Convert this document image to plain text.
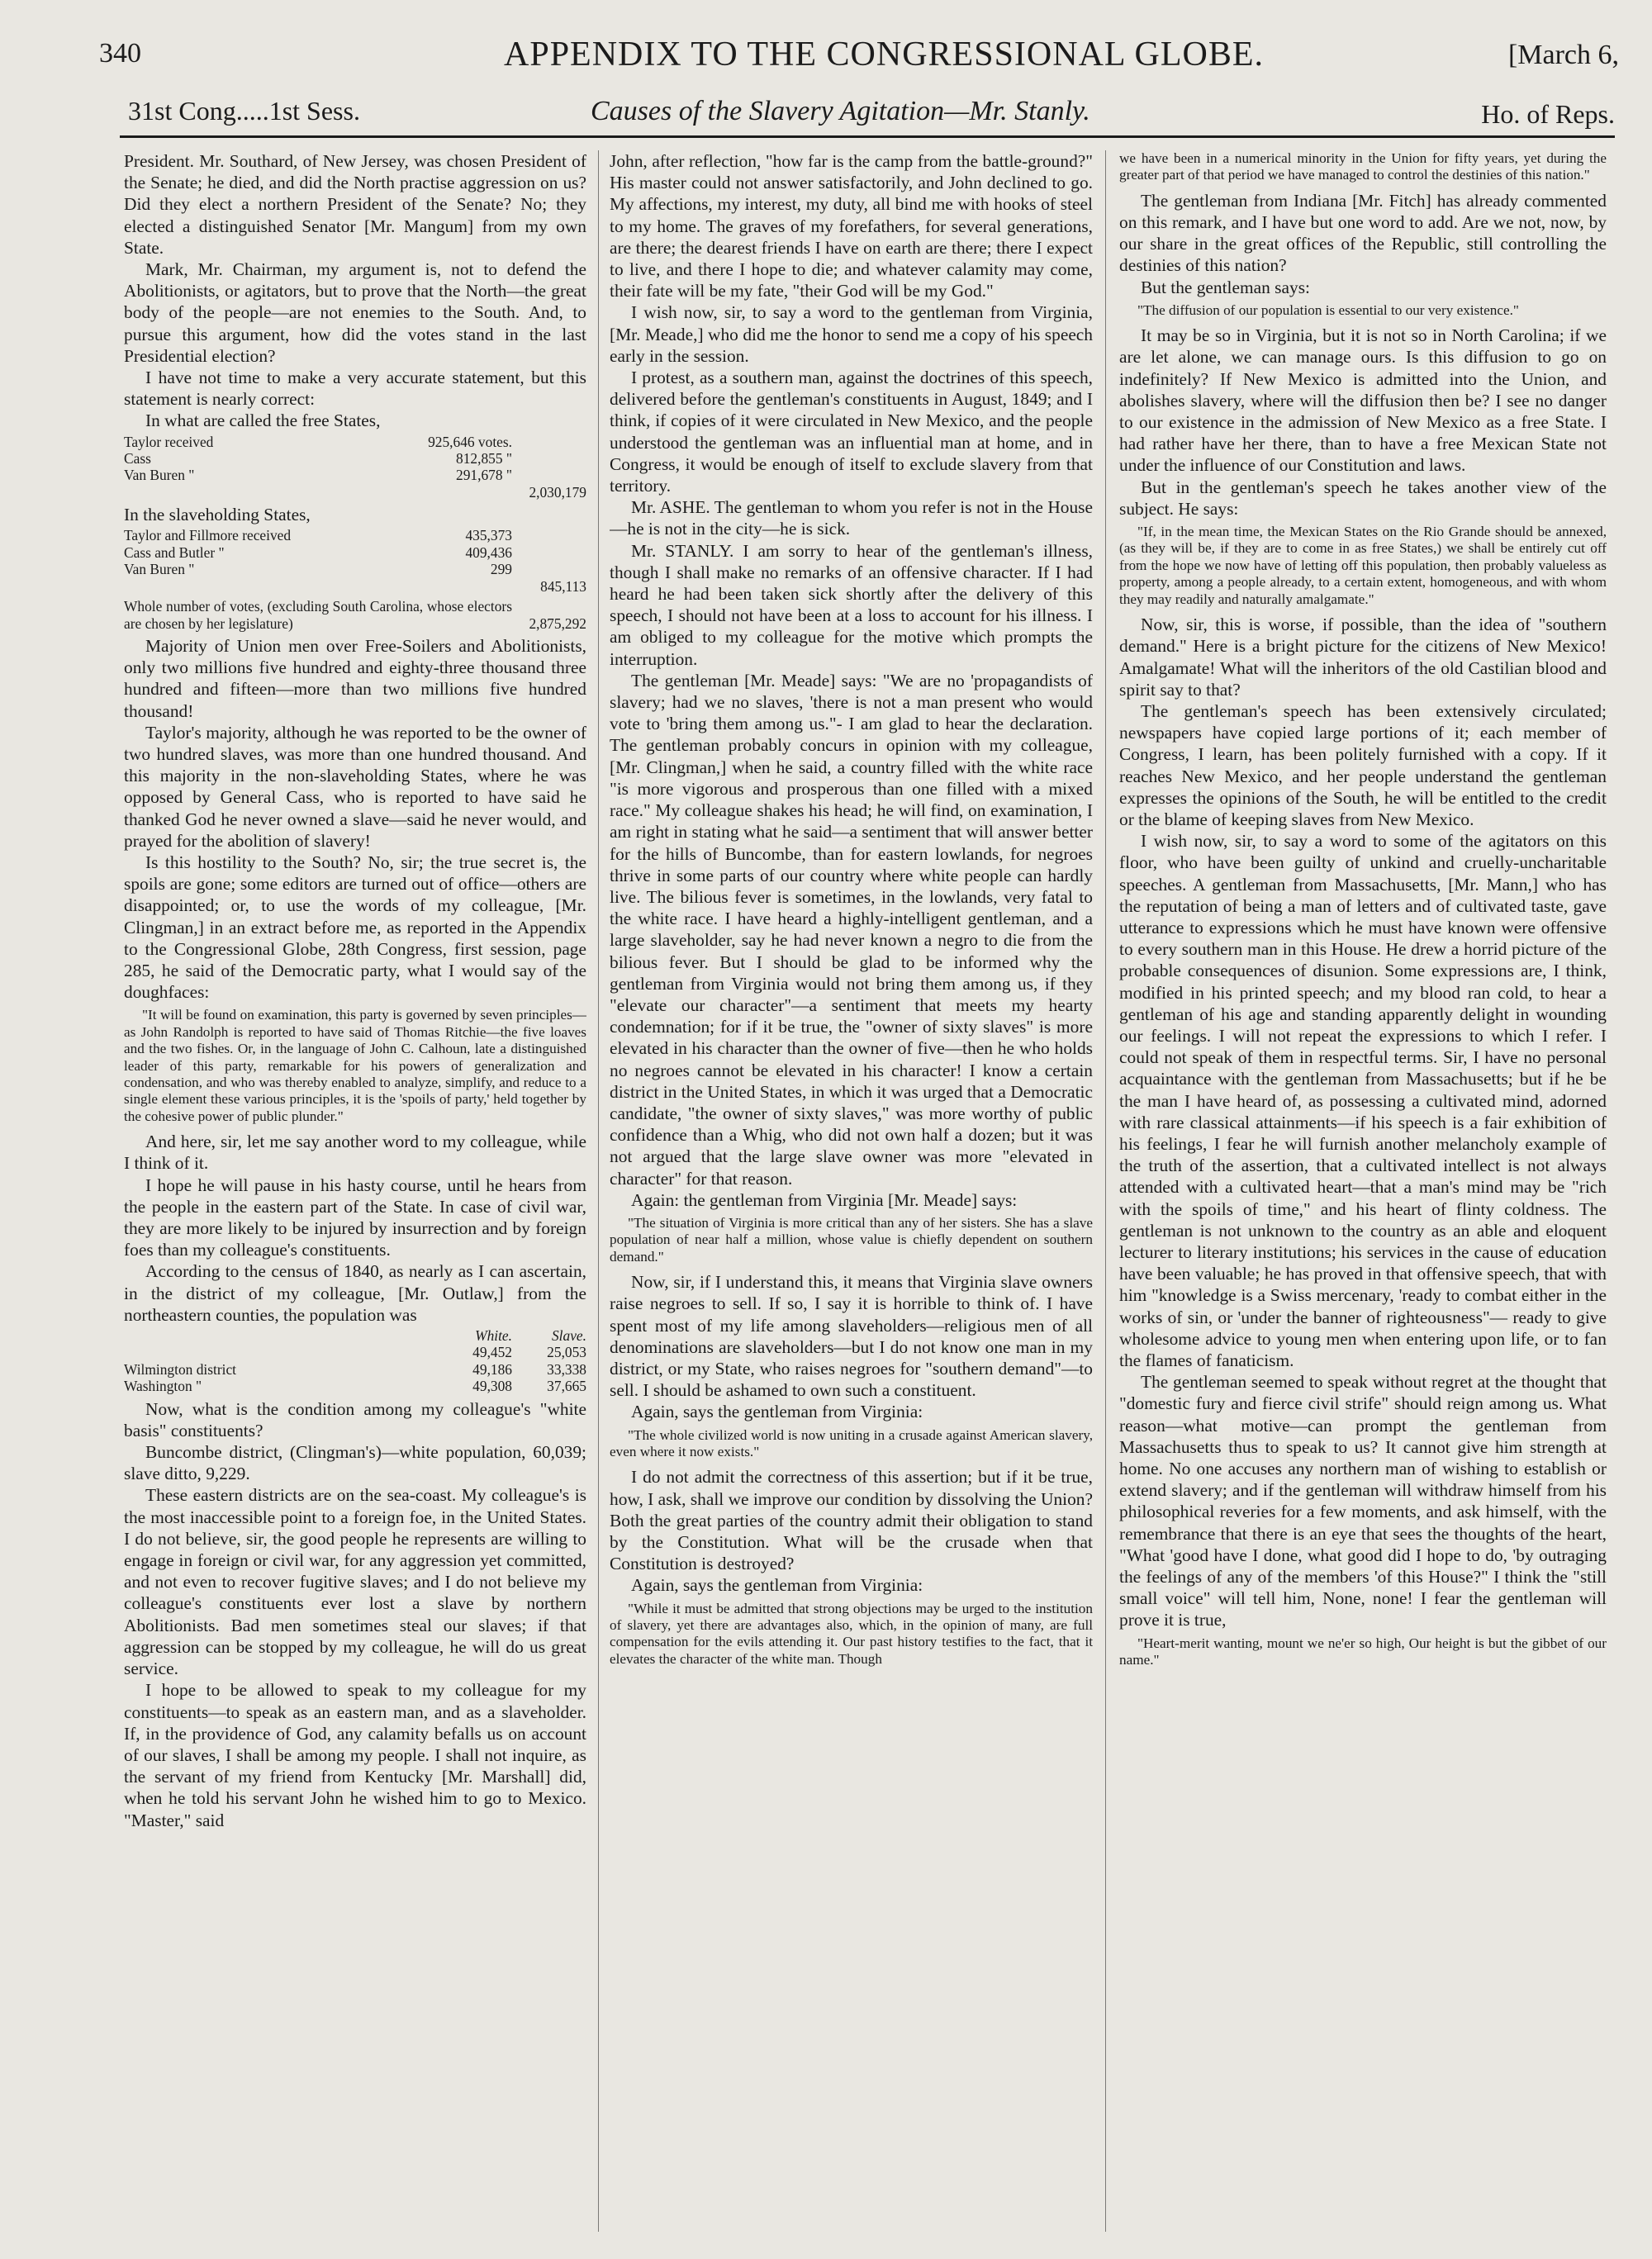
340	APPENDIX TO THE CONGRESSIONAL GLOBE.	[March 6,
31st Cong.....1st Sess.	Causes of the Slavery Agitation—Mr. Stanly.	Ho. of Reps.

President. Mr. Southard, of New Jersey, was chosen President of the Senate; he died, and did the North practise aggression on us? Did they elect a northern President of the Senate? No; they elected a distinguished Senator [Mr. Mangum] from my own State.

Mark, Mr. Chairman, my argument is, not to defend the Abolitionists, or agitators, but to prove that the North—the great body of the people—are not enemies to the South. And, to pursue this argument, how did the votes stand in the last Presidential election?

I have not time to make a very accurate statement, but this statement is nearly correct:

In what are called the free States,

Taylor received	925,646 votes.	
Cass	812,855 "	
Van Buren "	291,678 "	
		2,030,179

In the slaveholding States,

Taylor and Fillmore received	435,373	
Cass and Butler "	409,436	
Van Buren "	299	
		845,113
Whole number of votes, (excluding South Carolina, whose electors are chosen by her legislature)	2,875,292

Majority of Union men over Free-Soilers and Abolitionists, only two millions five hundred and eighty-three thousand three hundred and fifteen—more than two millions five hundred thousand!

Taylor's majority, although he was reported to be the owner of two hundred slaves, was more than one hundred thousand. And this majority in the non-slaveholding States, where he was opposed by General Cass, who is reported to have said he thanked God he never owned a slave—said he never would, and prayed for the abolition of slavery!

Is this hostility to the South? No, sir; the true secret is, the spoils are gone; some editors are turned out of office—others are disappointed; or, to use the words of my colleague, [Mr. Clingman,] in an extract before me, as reported in the Appendix to the Congressional Globe, 28th Congress, first session, page 285, he said of the Democratic party, what I would say of the doughfaces:

"It will be found on examination, this party is governed by seven principles—as John Randolph is reported to have said of Thomas Ritchie—the five loaves and the two fishes. Or, in the language of John C. Calhoun, late a distinguished leader of this party, remarkable for his powers of generalization and condensation, and who was thereby enabled to analyze, simplify, and reduce to a single element these various principles, it is the 'spoils of party,' held together by the cohesive power of public plunder."

And here, sir, let me say another word to my colleague, while I think of it.

I hope he will pause in his hasty course, until he hears from the people in the eastern part of the State. In case of civil war, they are more likely to be injured by insurrection and by foreign foes than my colleague's constituents.

According to the census of 1840, as nearly as I can ascertain, in the district of my colleague, [Mr. Outlaw,] from the northeastern counties, the population was

	White.	Slave.
	49,452	25,053
Wilmington district	49,186	33,338
Washington "	49,308	37,665

Now, what is the condition among my colleague's "white basis" constituents?

Buncombe district, (Clingman's)—white population, 60,039; slave ditto, 9,229.

These eastern districts are on the sea-coast. My colleague's is the most inaccessible point to a foreign foe, in the United States. I do not believe, sir, the good people he represents are willing to engage in foreign or civil war, for any aggression yet committed, and not even to recover fugitive slaves; and I do not believe my colleague's constituents ever lost a slave by northern Abolitionists. Bad men sometimes steal our slaves; if that aggression can be stopped by my colleague, he will do us great service.

I hope to be allowed to speak to my colleague for my constituents—to speak as an eastern man, and as a slaveholder. If, in the providence of God, any calamity befalls us on account of our slaves, I shall be among my people. I shall not inquire, as the servant of my friend from Kentucky [Mr. Marshall] did, when he told his servant John he wished him to go to Mexico. "Master," said

John, after reflection, "how far is the camp from the battle-ground?" His master could not answer satisfactorily, and John declined to go. My affections, my interest, my duty, all bind me with hooks of steel to my home. The graves of my forefathers, for several generations, are there; the dearest friends I have on earth are there; there I expect to live, and there I hope to die; and whatever calamity may come, their fate will be my fate, "their God will be my God."

I wish now, sir, to say a word to the gentleman from Virginia, [Mr. Meade,] who did me the honor to send me a copy of his speech early in the session.

I protest, as a southern man, against the doctrines of this speech, delivered before the gentleman's constituents in August, 1849; and I think, if copies of it were circulated in New Mexico, and the people understood the gentleman was an influential man at home, and in Congress, it would be enough of itself to exclude slavery from that territory.

Mr. ASHE. The gentleman to whom you refer is not in the House—he is not in the city—he is sick.

Mr. STANLY. I am sorry to hear of the gentleman's illness, though I shall make no remarks of an offensive character. If I had heard he had been taken sick shortly after the delivery of this speech, I should not have been at a loss to account for his illness. I am obliged to my colleague for the motive which prompts the interruption.

The gentleman [Mr. Meade] says: "We are no 'propagandists of slavery; had we no slaves, 'there is not a man present who would vote to 'bring them among us."- I am glad to hear the declaration. The gentleman probably concurs in opinion with my colleague, [Mr. Clingman,] when he said, a country filled with the white race "is more vigorous and prosperous than one filled with a mixed race." My colleague shakes his head; he will find, on examination, I am right in stating what he said—a sentiment that will answer better for the hills of Buncombe, than for eastern lowlands, for negroes thrive in some parts of our country where white people can hardly live. The bilious fever is sometimes, in the lowlands, very fatal to the white race. I have heard a highly-intelligent gentleman, and a large slaveholder, say he had never known a negro to die from the bilious fever. But I should be glad to be informed why the gentleman from Virginia would not bring them among us, if they "elevate our character"—a sentiment that meets my hearty condemnation; for if it be true, the "owner of sixty slaves" is more elevated in his character than the owner of five—then he who holds no negroes cannot be elevated in his character! I know a certain district in the United States, in which it was urged that a Democratic candidate, "the owner of sixty slaves," was more worthy of public confidence than a Whig, who did not own half a dozen; but it was not argued that the large slave owner was more "elevated in character" for that reason.

Again: the gentleman from Virginia [Mr. Meade] says:

"The situation of Virginia is more critical than any of her sisters. She has a slave population of near half a million, whose value is chiefly dependent on southern demand."

Now, sir, if I understand this, it means that Virginia slave owners raise negroes to sell. If so, I say it is horrible to think of. I have spent most of my life among slaveholders—religious men of all denominations are slaveholders—but I do not know one man in my district, or my State, who raises negroes for "southern demand"—to sell. I should be ashamed to own such a constituent.

Again, says the gentleman from Virginia:

"The whole civilized world is now uniting in a crusade against American slavery, even where it now exists."

I do not admit the correctness of this assertion; but if it be true, how, I ask, shall we improve our condition by dissolving the Union? Both the great parties of the country admit their obligation to stand by the Constitution. What will be the crusade when that Constitution is destroyed?

Again, says the gentleman from Virginia:

"While it must be admitted that strong objections may be urged to the institution of slavery, yet there are advantages also, which, in the opinion of many, are full compensation for the evils attending it. Our past history testifies to the fact, that it elevates the character of the white man. Though

we have been in a numerical minority in the Union for fifty years, yet during the greater part of that period we have managed to control the destinies of this nation."

The gentleman from Indiana [Mr. Fitch] has already commented on this remark, and I have but one word to add. Are we not, now, by our share in the great offices of the Republic, still controlling the destinies of this nation?

But the gentleman says:

"The diffusion of our population is essential to our very existence."

It may be so in Virginia, but it is not so in North Carolina; if we are let alone, we can manage ours. Is this diffusion to go on indefinitely? If New Mexico is admitted into the Union, and abolishes slavery, where will the diffusion then be? I see no danger to our existence in the admission of New Mexico as a free State. I had rather have her there, than to have a free Mexican State not under the influence of our Constitution and laws.

But in the gentleman's speech he takes another view of the subject. He says:

"If, in the mean time, the Mexican States on the Rio Grande should be annexed, (as they will be, if they are to come in as free States,) we shall be entirely cut off from the hope we now have of letting off this population, then probably valueless as property, among a people already, to a certain extent, homogeneous, and with whom they may readily and naturally amalgamate."

Now, sir, this is worse, if possible, than the idea of "southern demand." Here is a bright picture for the citizens of New Mexico! Amalgamate! What will the inheritors of the old Castilian blood and spirit say to that?

The gentleman's speech has been extensively circulated; newspapers have copied large portions of it; each member of Congress, I learn, has been politely furnished with a copy. If it reaches New Mexico, and her people understand the gentleman expresses the opinions of the South, he will be entitled to the credit or the blame of keeping slaves from New Mexico.

I wish now, sir, to say a word to some of the agitators on this floor, who have been guilty of unkind and cruelly-uncharitable speeches. A gentleman from Massachusetts, [Mr. Mann,] who has the reputation of being a man of letters and of cultivated taste, gave utterance to expressions which he must have known were offensive to every southern man in this House. He drew a horrid picture of the probable consequences of disunion. Some expressions are, I think, modified in his printed speech; and my blood ran cold, to hear a gentleman of his age and standing apparently delight in wounding our feelings. I will not repeat the expressions to which I refer. I could not speak of them in respectful terms. Sir, I have no personal acquaintance with the gentleman from Massachusetts; but if he be the man I have heard of, as possessing a cultivated mind, adorned with rare classical attainments—if his speech is a fair exhibition of his feelings, I fear he will furnish another melancholy example of the truth of the assertion, that a cultivated intellect is not always attended with a cultivated heart—that a man's mind may be "rich with the spoils of time," and his heart of flinty coldness. The gentleman is not unknown to the country as an able and eloquent lecturer to literary institutions; his services in the cause of education have been valuable; he has proved in that offensive speech, that with him "knowledge is a Swiss mercenary, 'ready to combat either in the works of sin, or 'under the banner of righteousness"— ready to give wholesome advice to young men when entering upon life, or to fan the flames of fanaticism.

The gentleman seemed to speak without regret at the thought that "domestic fury and fierce civil strife" should reign among us. What reason—what motive—can prompt the gentleman from Massachusetts thus to speak to us? It cannot give him strength at home. No one accuses any northern man of wishing to establish or extend slavery; and if the gentleman will withdraw himself from his philosophical reveries for a few moments, and ask himself, with the remembrance that there is an eye that sees the thoughts of the heart, "What 'good have I done, what good did I hope to do, 'by outraging the feelings of any of the members 'of this House?" I think the "still small voice" will tell him, None, none! I fear the gentleman will prove it is true,

"Heart-merit wanting, mount we ne'er so high, Our height is but the gibbet of our name."
